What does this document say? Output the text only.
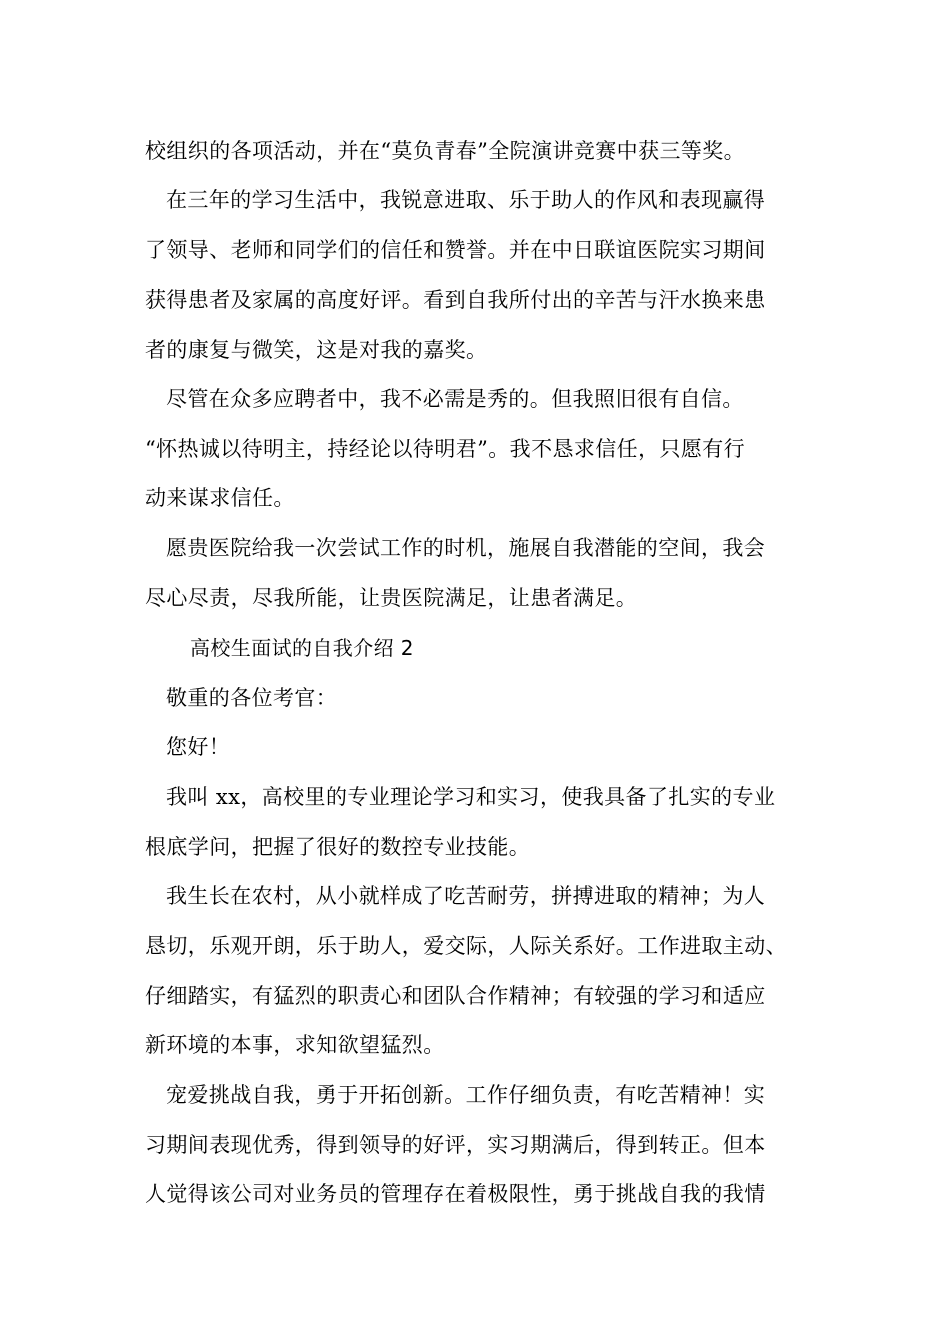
校组织的各项活动，并在“莫负青春”全院演讲竞赛中获三等奖。
在三年的学习生活中，我锐意进取、乐于助人的作风和表现赢得
了领导、老师和同学们的信任和赞誉。并在中日联谊医院实习期间
获得患者及家属的高度好评。看到自我所付出的辛苦与汗水换来患
者的康复与微笑，这是对我的嘉奖。
尽管在众多应聘者中，我不必需是秀的。但我照旧很有自信。
“怀热诚以待明主，持经论以待明君”。我不恳求信任，只愿有行
动来谋求信任。
愿贵医院给我一次尝试工作的时机，施展自我潜能的空间，我会
尽心尽责，尽我所能，让贵医院满足，让患者满足。
高校生面试的自我介绍 2
敬重的各位考官：
您好！
我叫 xx，高校里的专业理论学习和实习，使我具备了扎实的专业
根底学问，把握了很好的数控专业技能。
我生长在农村，从小就样成了吃苦耐劳，拼搏进取的精神；为人
恳切，乐观开朗，乐于助人，爱交际，人际关系好。工作进取主动、
仔细踏实，有猛烈的职责心和团队合作精神；有较强的学习和适应
新环境的本事，求知欲望猛烈。
宠爱挑战自我，勇于开拓创新。工作仔细负责，有吃苦精神！实
习期间表现优秀，得到领导的好评，实习期满后，得到转正。但本
人觉得该公司对业务员的管理存在着极限性，勇于挑战自我的我情
